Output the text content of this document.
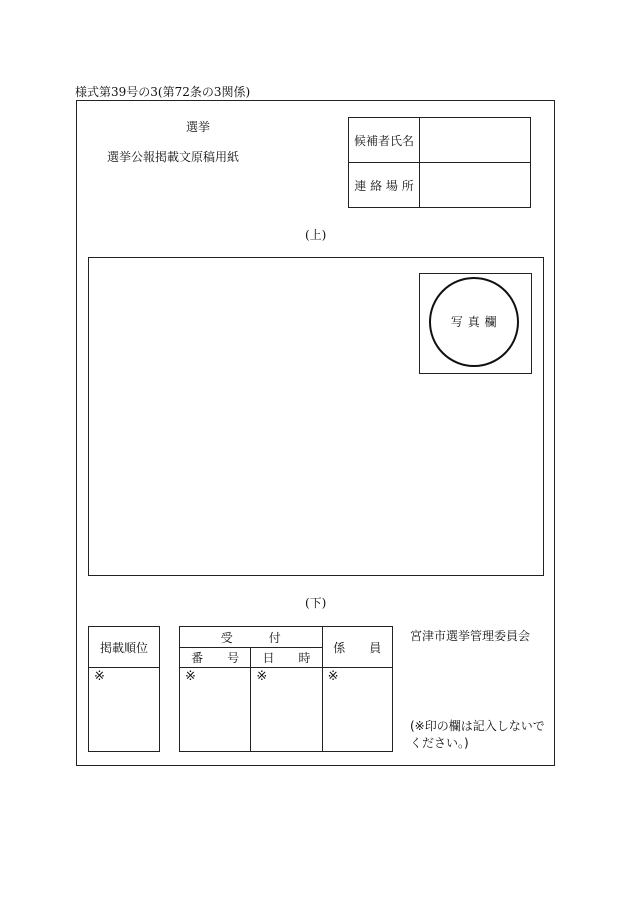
様式第39号の3(第72条の3関係)
選挙
選挙公報掲載文原稿用紙
候補者氏名	
連 絡 場 所	
(上)
写 真 欄
(下)
掲載順位
※
受　　　付		係　　員
番　　号	日　　時	
※	※	※
宮津市選挙管理委員会
(※印の欄は記入しないでください。)
